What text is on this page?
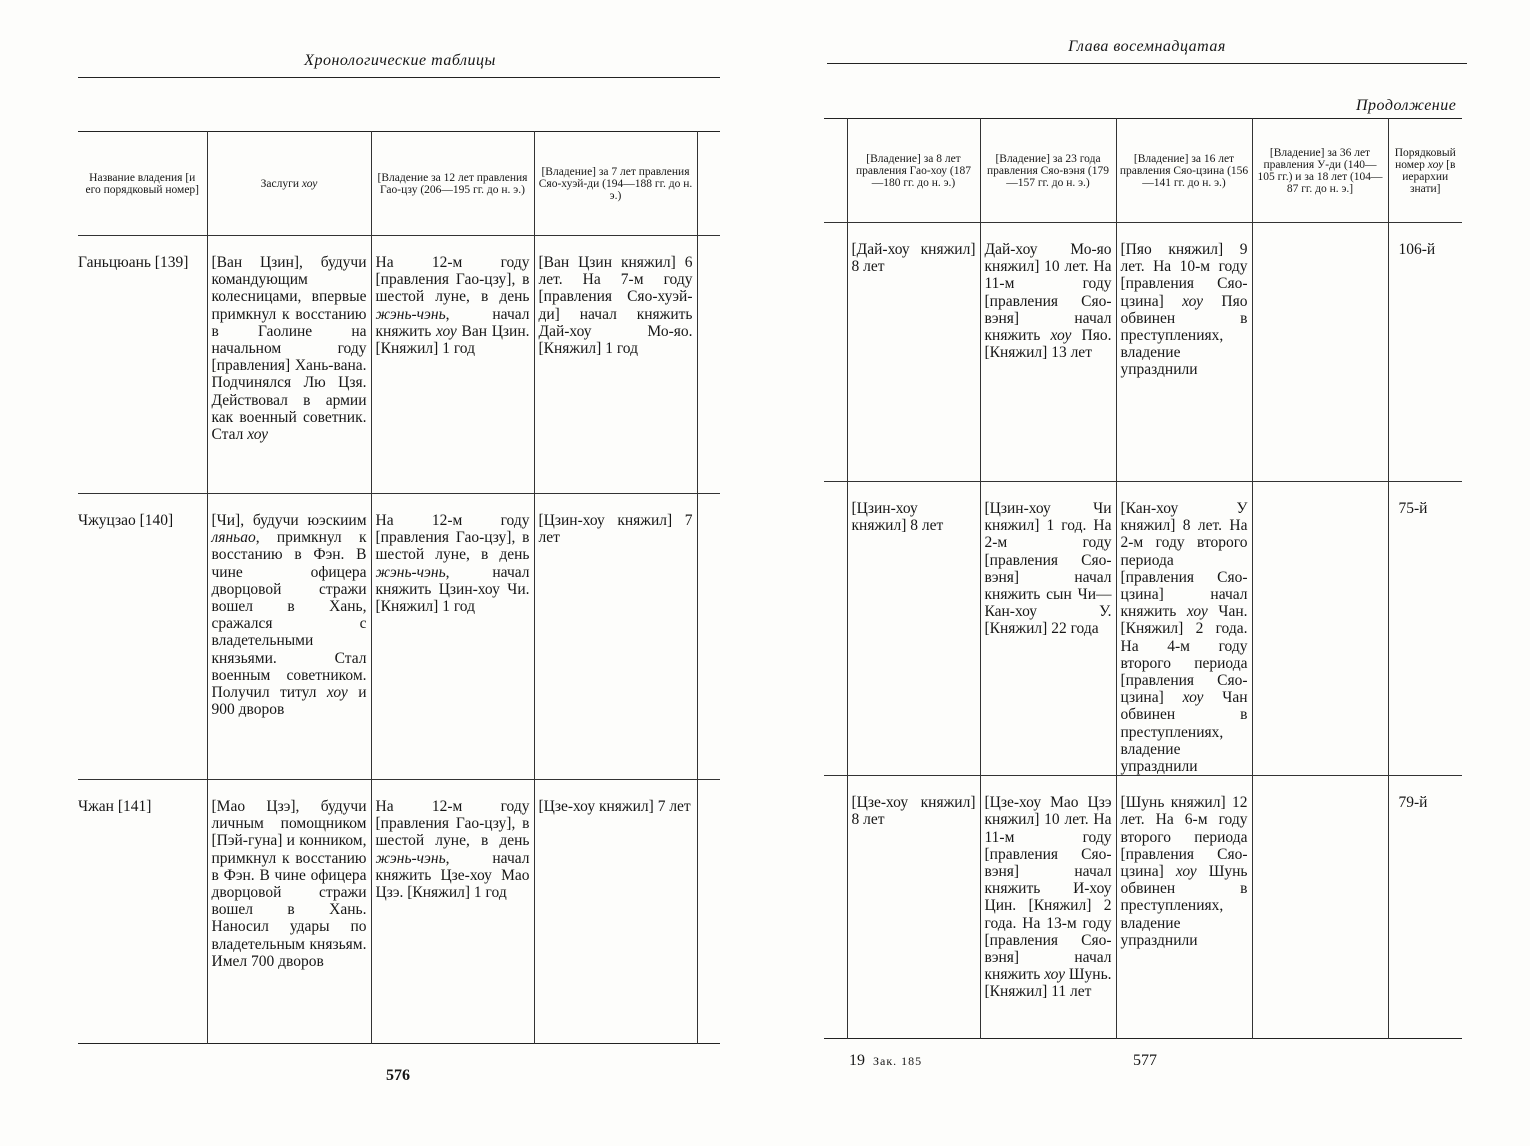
Хронологические таблицы
Название владения [и его порядковый номер]	Заслуги хоу	[Владение за 12 лет правления Гао-цзу (206—195 гг. до н. э.)	[Владение] за 7 лет правления Сяо-хуэй-ди (194—188 гг. до н. э.)	
Ганьцюань [139]	[Ван Цзин], будучи командующим колесницами, впервые примкнул к восстанию в Гаолине на начальном году [правления] Хань-вана. Подчинялся Лю Цзя. Действовал в армии как военный советник. Стал хоу	На 12-м году [правления Гао-цзу], в шестой луне, в день жэнь-чэнь, начал княжить хоу Ван Цзин. [Княжил] 1 год	[Ван Цзин княжил] 6 лет. На 7-м году [правления Сяо-хуэй-ди] начал княжить Дай-хоу Мо-яо. [Княжил] 1 год	
Чжуцзао [140]	[Чи], будучи юэскиим ляньао, примкнул к восстанию в Фэн. В чине офицера дворцовой стражи вошел в Хань, сражался с владетельными князьями. Стал военным советником. Получил титул хоу и 900 дворов	На 12-м году [правления Гао-цзу], в шестой луне, в день жэнь-чэнь, начал княжить Цзин-хоу Чи. [Княжил] 1 год	[Цзин-хоу княжил] 7 лет	
Чжан [141]	[Мао Цзэ], будучи личным помощником [Пэй-гуна] и конником, примкнул к восстанию в Фэн. В чине офицера дворцовой стражи вошел в Хань. Наносил удары по владетельным князьям. Имел 700 дворов	На 12-м году [правления Гао-цзу], в шестой луне, в день жэнь-чэнь, начал княжить Цзе-хоу Мао Цзэ. [Княжил] 1 год	[Цзе-хоу княжил] 7 лет	
576
Глава восемнадцатая
Продолжение
	[Владение] за 8 лет правления Гао-хоу (187—180 гг. до н. э.)	[Владение] за 23 года правления Сяо-вэня (179—157 гг. до н. э.)	[Владение] за 16 лет правления Сяо-цзина (156—141 гг. до н. э.)	[Владение] за 36 лет правления У-ди (140—105 гг.) и за 18 лет (104—87 гг. до н. э.]	Порядковый номер хоу [в иерархии знати]
	[Дай-хоу княжил] 8 лет	Дай-хоу Мо-яо княжил] 10 лет. На 11-м году [правления Сяо-вэня] начал княжить хоу Пяо. [Княжил] 13 лет	[Пяо княжил] 9 лет. На 10-м году [правления Сяо-цзина] хоу Пяо обвинен в преступлениях, владение упразднили		106-й
	[Цзин-хоу княжил] 8 лет	[Цзин-хоу Чи княжил] 1 год. На 2-м году [правления Сяо-вэня] начал княжить сын Чи—Кан-хоу У. [Княжил] 22 года	[Кан-хоу У княжил] 8 лет. На 2-м году второго периода [правления Сяо-цзина] начал княжить хоу Чан. [Княжил] 2 года. На 4-м году второго периода [правления Сяо-цзина] хоу Чан обвинен в преступлениях, владение упразднили		75-й
	[Цзе-хоу княжил] 8 лет	[Цзе-хоу Мао Цзэ княжил] 10 лет. На 11-м году [правления Сяо-вэня] начал княжить И-хоу Цин. [Княжил] 2 года. На 13-м году [правления Сяо-вэня] начал княжить хоу Шунь. [Княжил] 11 лет	[Шунь княжил] 12 лет. На 6-м году второго периода [правления Сяо-цзина] хоу Шунь обвинен в преступлениях, владение упразднили		79-й
19 Зак. 185	577
